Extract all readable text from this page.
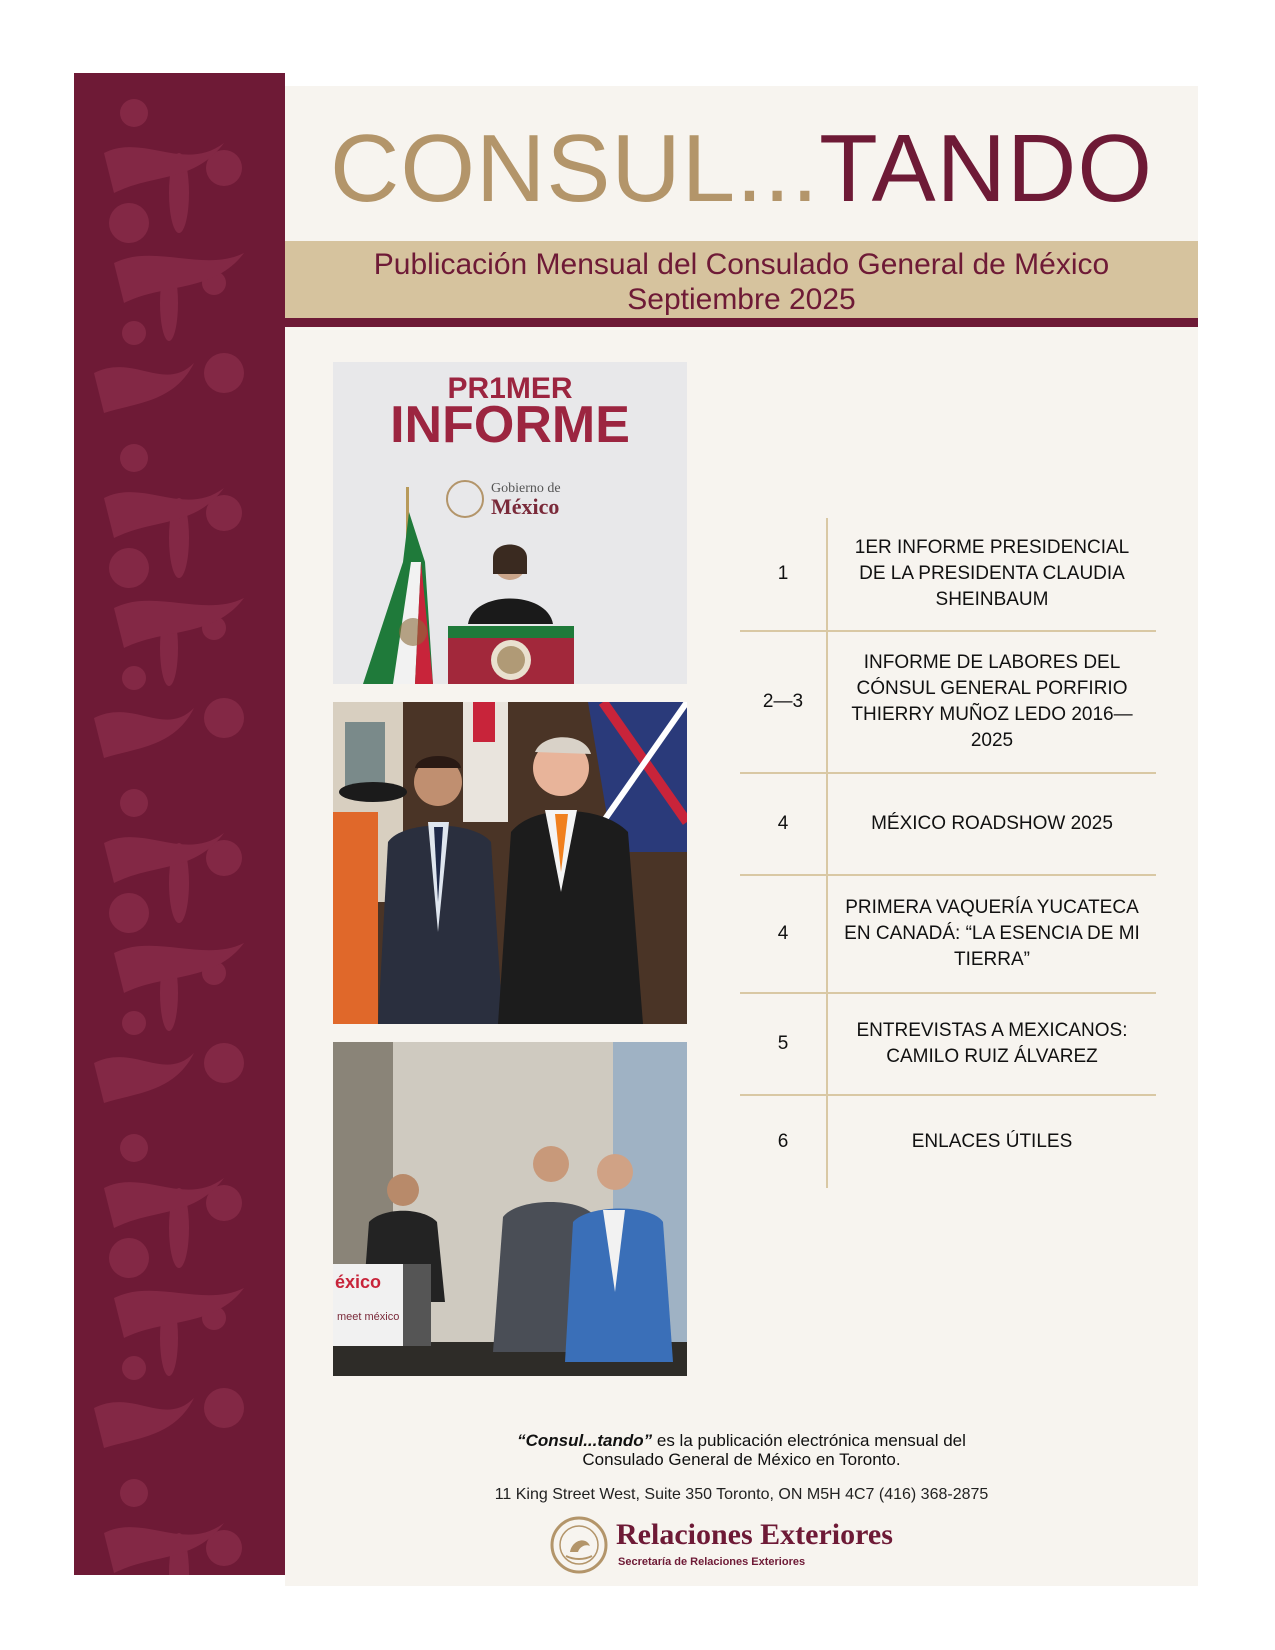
CONSUL...TANDO
Publicación Mensual del Consulado General de México
Septiembre 2025
PR1MER
INFORME
Gobierno de
México
éxico
meet méxico
1
1ER INFORME PRESIDENCIAL DE LA PRESIDENTA CLAUDIA SHEINBAUM
2—3
INFORME DE LABORES DEL CÓNSUL GENERAL PORFIRIO THIERRY MUÑOZ LEDO 2016—2025
4	MÉXICO ROADSHOW 2025
4
PRIMERA VAQUERÍA YUCATECA EN CANADÁ: “LA ESENCIA DE MI TIERRA”
5
ENTREVISTAS A MEXICANOS: CAMILO RUIZ ÁLVAREZ
6	ENLACES ÚTILES
“Consul...tando” es la publicación electrónica mensual del
Consulado General de México en Toronto.
11 King Street West, Suite 350 Toronto, ON M5H 4C7 (416) 368-2875
Relaciones Exteriores
Secretaría de Relaciones Exteriores
